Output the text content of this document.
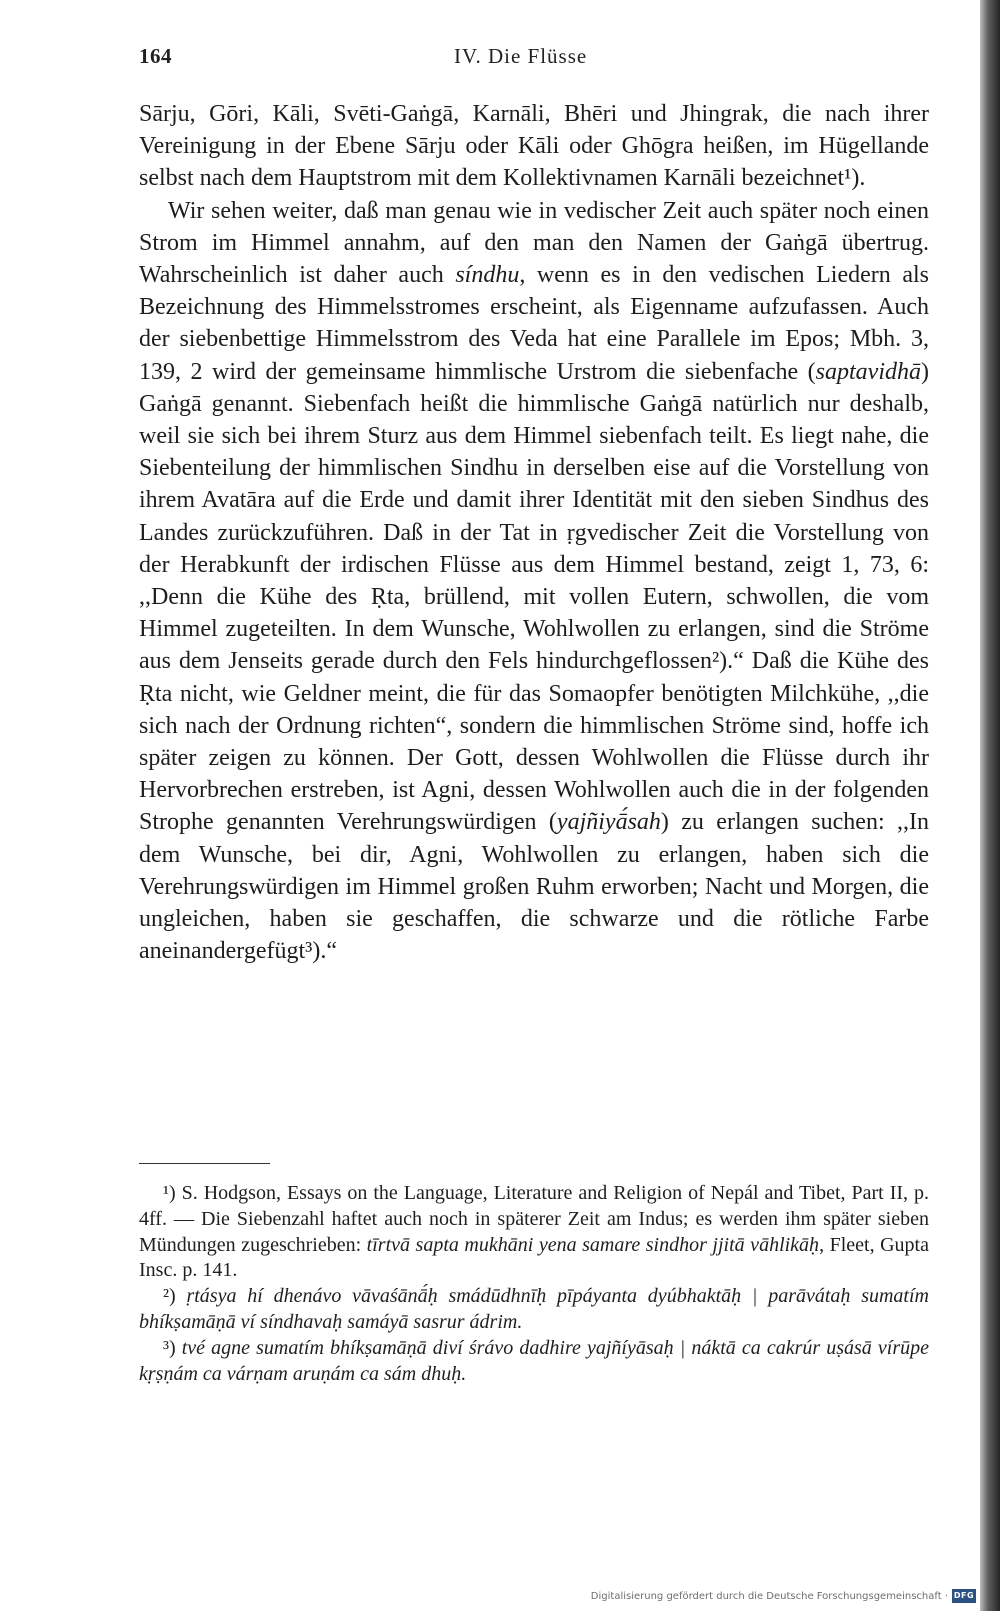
164	IV. Die Flüsse

Sārju, Gōri, Kāli, Svēti-Gaṅgā, Karnāli, Bhēri und Jhingrak, die nach ihrer Vereinigung in der Ebene Sārju oder Kāli oder Ghōgra heißen, im Hügellande selbst nach dem Hauptstrom mit dem Kollektivnamen Karnāli bezeichnet¹).

Wir sehen weiter, daß man genau wie in vedischer Zeit auch später noch einen Strom im Himmel annahm, auf den man den Namen der Gaṅgā übertrug. Wahrscheinlich ist daher auch síndhu, wenn es in den vedischen Liedern als Bezeichnung des Himmelsstromes erscheint, als Eigenname aufzufassen. Auch der siebenbettige Himmelsstrom des Veda hat eine Parallele im Epos; Mbh. 3, 139, 2 wird der gemeinsame himmlische Urstrom die siebenfache (saptavidhā) Gaṅgā genannt. Siebenfach heißt die himmlische Gaṅgā natürlich nur deshalb, weil sie sich bei ihrem Sturz aus dem Himmel siebenfach teilt. Es liegt nahe, die Siebenteilung der himmlischen Sindhu in derselben eise auf die Vorstellung von ihrem Avatāra auf die Erde und damit ihrer Identität mit den sieben Sindhus des Landes zurückzuführen. Daß in der Tat in ṛgvedischer Zeit die Vorstellung von der Herabkunft der irdischen Flüsse aus dem Himmel bestand, zeigt 1, 73, 6: ,,Denn die Kühe des Ṛta, brüllend, mit vollen Eutern, schwollen, die vom Himmel zugeteilten. In dem Wunsche, Wohlwollen zu erlangen, sind die Ströme aus dem Jenseits gerade durch den Fels hindurchgeflossen²).“ Daß die Kühe des Ṛta nicht, wie Geldner meint, die für das Somaopfer benötigten Milchkühe, ,,die sich nach der Ordnung richten“, sondern die himmlischen Ströme sind, hoffe ich später zeigen zu können. Der Gott, dessen Wohlwollen die Flüsse durch ihr Hervorbrechen erstreben, ist Agni, dessen Wohlwollen auch die in der folgenden Strophe genannten Verehrungswürdigen (yajñiyā́sah) zu erlangen suchen: ,,In dem Wunsche, bei dir, Agni, Wohlwollen zu erlangen, haben sich die Verehrungswürdigen im Himmel großen Ruhm erworben; Nacht und Morgen, die ungleichen, haben sie geschaffen, die schwarze und die rötliche Farbe aneinandergefügt³).“

¹) S. Hodgson, Essays on the Language, Literature and Religion of Nepál and Tibet, Part II, p. 4ff. — Die Siebenzahl haftet auch noch in späterer Zeit am Indus; es werden ihm später sieben Mündungen zugeschrieben: tīrtvā sapta mukhāni yena samare sindhor jjitā vāhlikāḥ, Fleet, Gupta Insc. p. 141.

²) ṛtásya hí dhenávo vāvaśānā́ḥ smádūdhnīḥ pīpáyanta dyúbhaktāḥ | parāvátaḥ sumatím bhíkṣamāṇā ví síndhavaḥ samáyā sasrur ádrim.

³) tvé agne sumatím bhíkṣamāṇā diví śrávo dadhire yajñíyāsaḥ | náktā ca cakrúr uṣásā vírūpe kṛṣṇám ca várṇam aruṇám ca sám dhuḥ.

Digitalisierung gefördert durch die Deutsche Forschungsgemeinschaft · DFG
